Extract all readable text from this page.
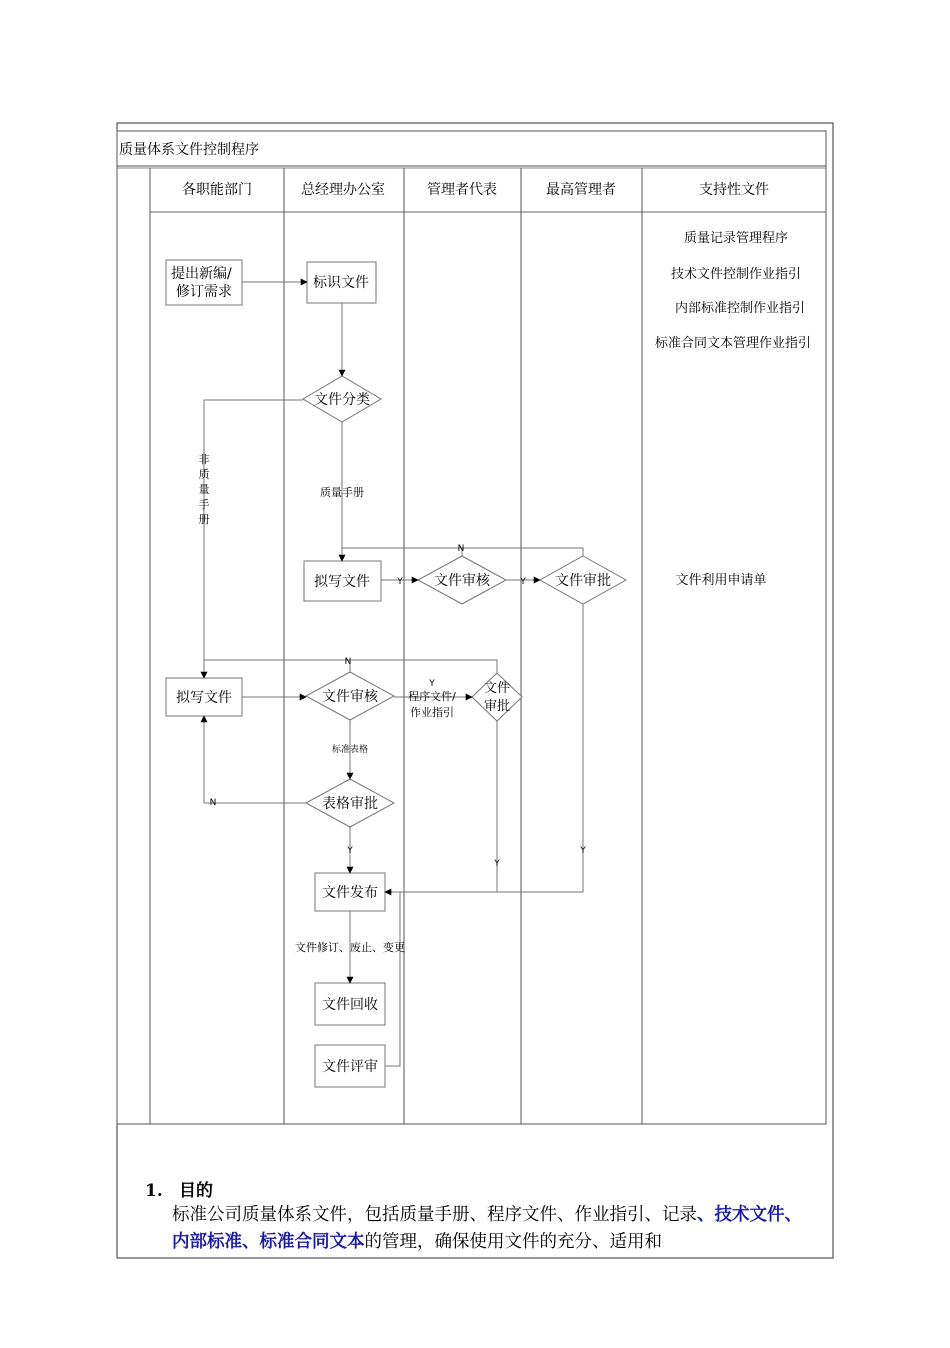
质量体系文件控制程序
各职能部门	总经理办公室	管理者代表	最高管理者	支持性文件
提出新编/
修订需求
标识文件
拟写文件
拟写文件
文件发布
文件回收
文件评审
文件分类
文件审核	文件审批
文件审核
文件
审批
表格审批
非
质
量
手
册
质量手册
Y	Y
N
N
Y
程序文件/
作业指引
标准表格
N
Y
Y
Y
文件修订、废止、变更
质量记录管理程序
技术文件控制作业指引
内部标准控制作业指引
标准合同文本管理作业指引
文件利用申请单
1. 目的
标准公司质量体系文件，包括质量手册、程序文件、作业指引、记录、技术文件、内部标准、标准合同文本的管理，确保使用文件的充分、适用和
